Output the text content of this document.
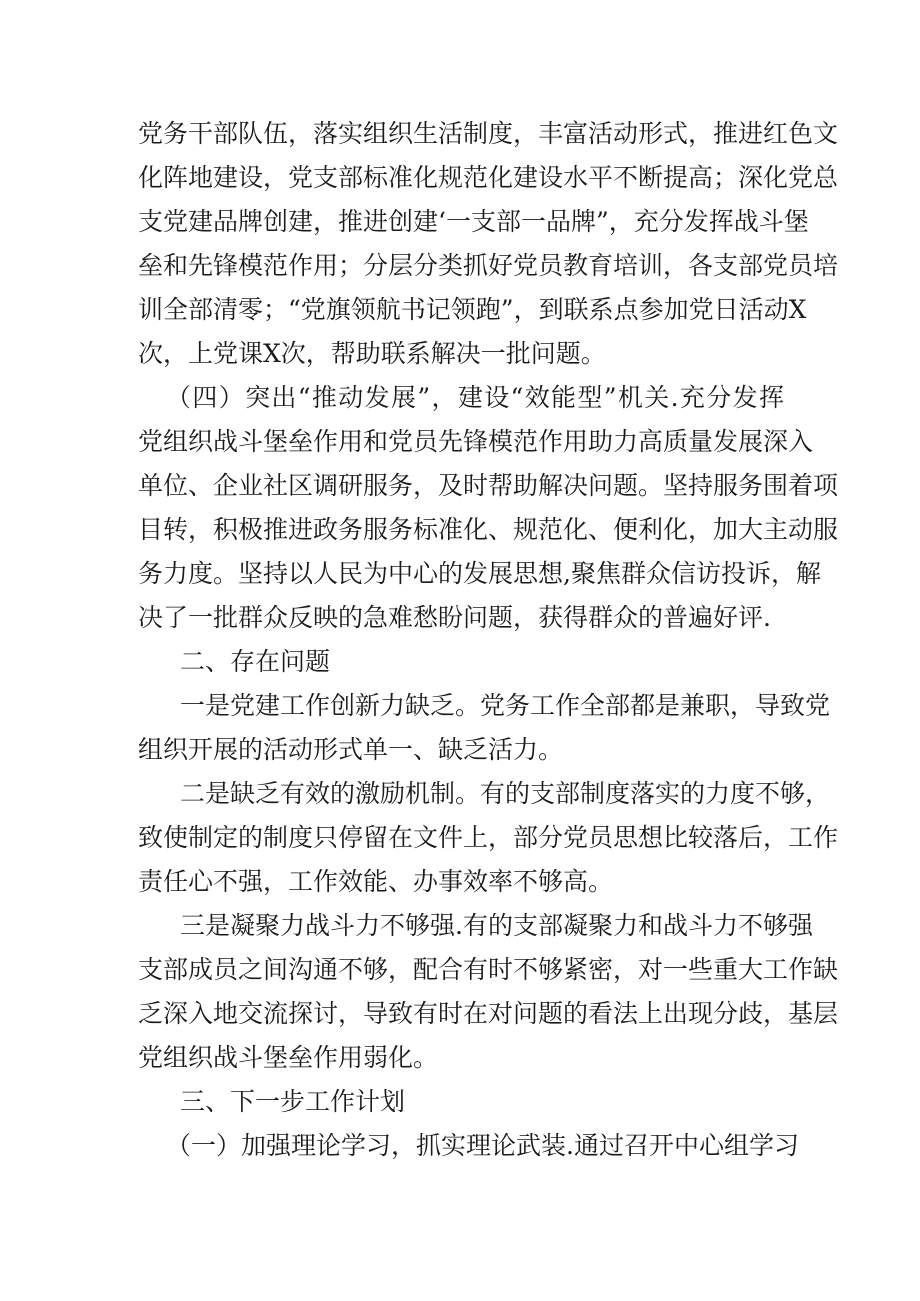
党务干部队伍，落实组织生活制度，丰富活动形式，推进红色文
化阵地建设，党支部标准化规范化建设水平不断提高；深化党总
支党建品牌创建，推进创建‘一支部一品牌”，充分发挥战斗堡
垒和先锋模范作用；分层分类抓好党员教育培训，各支部党员培
训全部清零；“党旗领航书记领跑”，到联系点参加党日活动X
次，上党课X次，帮助联系解决一批问题。
（四）突出“推动发展”，建设“效能型”机关.充分发挥
党组织战斗堡垒作用和党员先锋模范作用助力高质量发展深入
单位、企业社区调研服务，及时帮助解决问题。坚持服务围着项
目转，积极推进政务服务标准化、规范化、便利化，加大主动服
务力度。坚持以人民为中心的发展思想,聚焦群众信访投诉，解
决了一批群众反映的急难愁盼问题，获得群众的普遍好评.
二、存在问题
一是党建工作创新力缺乏。党务工作全部都是兼职，导致党
组织开展的活动形式单一、缺乏活力。
二是缺乏有效的激励机制。有的支部制度落实的力度不够，
致使制定的制度只停留在文件上，部分党员思想比较落后，工作
责任心不强，工作效能、办事效率不够高。
三是凝聚力战斗力不够强.有的支部凝聚力和战斗力不够强
支部成员之间沟通不够，配合有时不够紧密，对一些重大工作缺
乏深入地交流探讨，导致有时在对问题的看法上出现分歧，基层
党组织战斗堡垒作用弱化。
三、下一步工作计划
（一）加强理论学习，抓实理论武装.通过召开中心组学习
